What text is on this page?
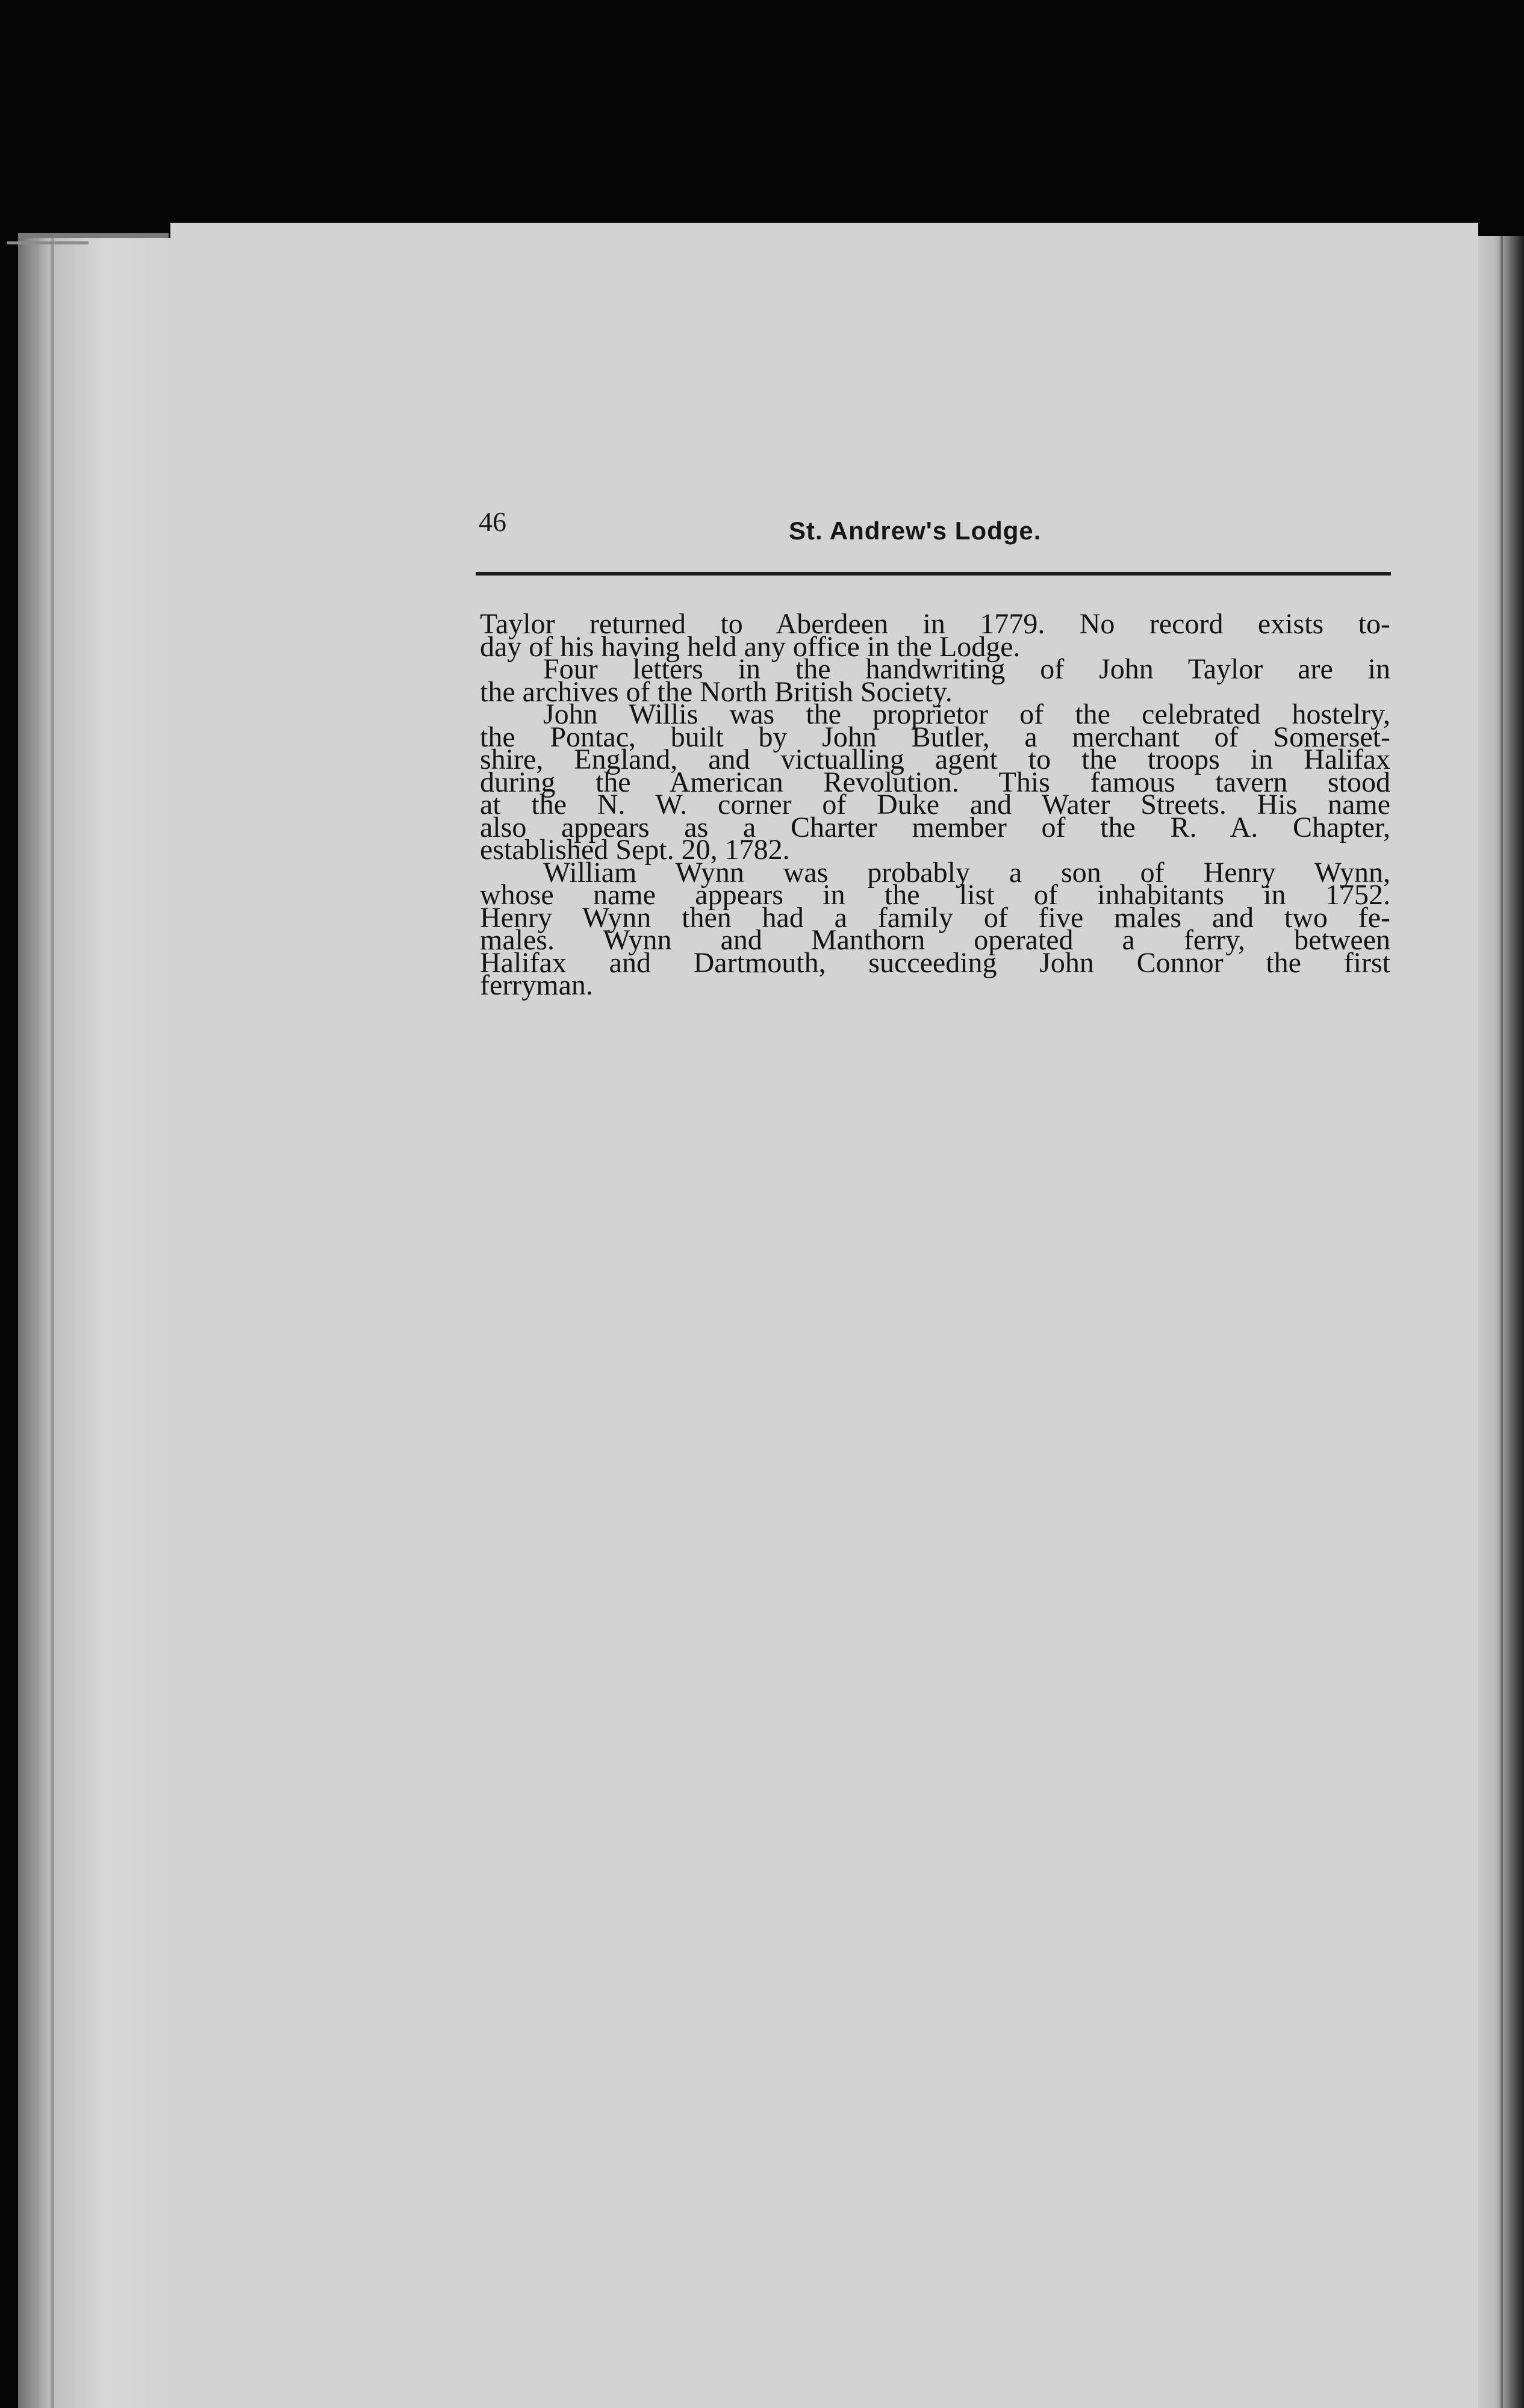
46	St. Andrew's Lodge.
Taylor returned to Aberdeen in 1779. No record exists to-
day of his having held any office in the Lodge.
Four letters in the handwriting of John Taylor are in
the archives of the North British Society.
John Willis was the proprietor of the celebrated hostelry,
the Pontac, built by John Butler, a merchant of Somerset-
shire, England, and victualling agent to the troops in Halifax
during the American Revolution. This famous tavern stood
at the N. W. corner of Duke and Water Streets. His name
also appears as a Charter member of the R. A. Chapter,
established Sept. 20, 1782.
William Wynn was probably a son of Henry Wynn,
whose name appears in the list of inhabitants in 1752.
Henry Wynn then had a family of five males and two fe-
males. Wynn and Manthorn operated a ferry, between
Halifax and Dartmouth, succeeding John Connor the first
ferryman.
